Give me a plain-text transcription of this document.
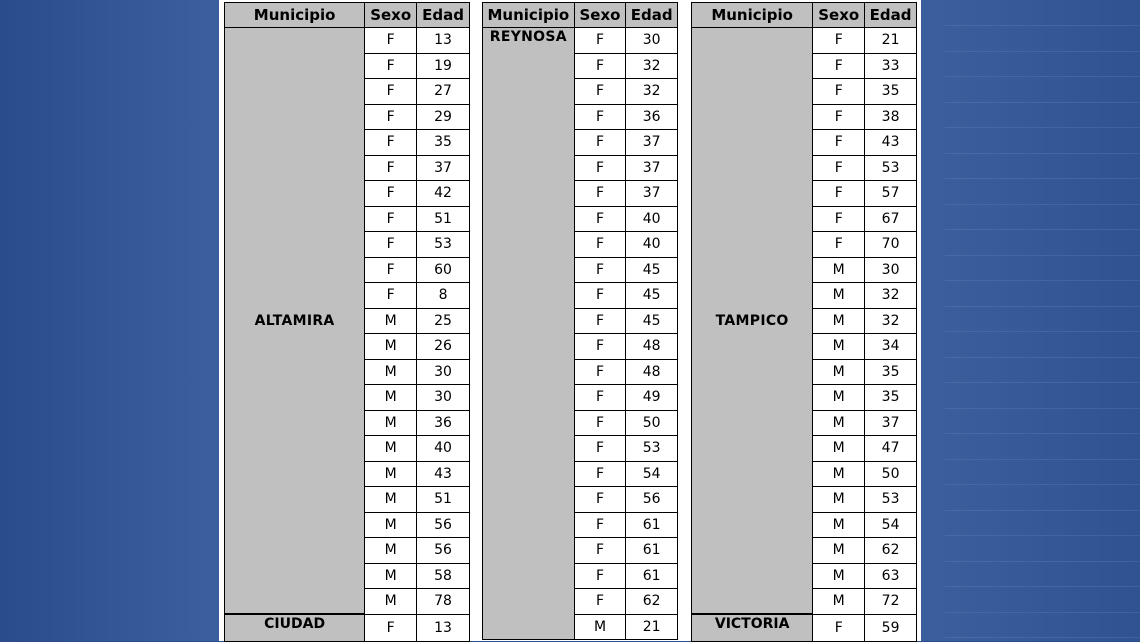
Municipio	Sexo	Edad
ALTAMIRA	F	13
	F	19
	F	27
	F	29
	F	35
	F	37
	F	42
	F	51
	F	53
	F	60
	F	8
	M	25
	M	26
	M	30
	M	30
	M	36
	M	40
	M	43
	M	51
	M	56
	M	56
	M	58
	M	78
CIUDAD	F	13
Municipio	Sexo	Edad
REYNOSA	F	30
	F	32
	F	32
	F	36
	F	37
	F	37
	F	37
	F	40
	F	40
	F	45
	F	45
	F	45
	F	48
	F	48
	F	49
	F	50
	F	53
	F	54
	F	56
	F	61
	F	61
	F	61
	F	62
	M	21
Municipio	Sexo	Edad
TAMPICO	F	21
	F	33
	F	35
	F	38
	F	43
	F	53
	F	57
	F	67
	F	70
	M	30
	M	32
	M	32
	M	34
	M	35
	M	35
	M	37
	M	47
	M	50
	M	53
	M	54
	M	62
	M	63
	M	72
VICTORIA	F	59
